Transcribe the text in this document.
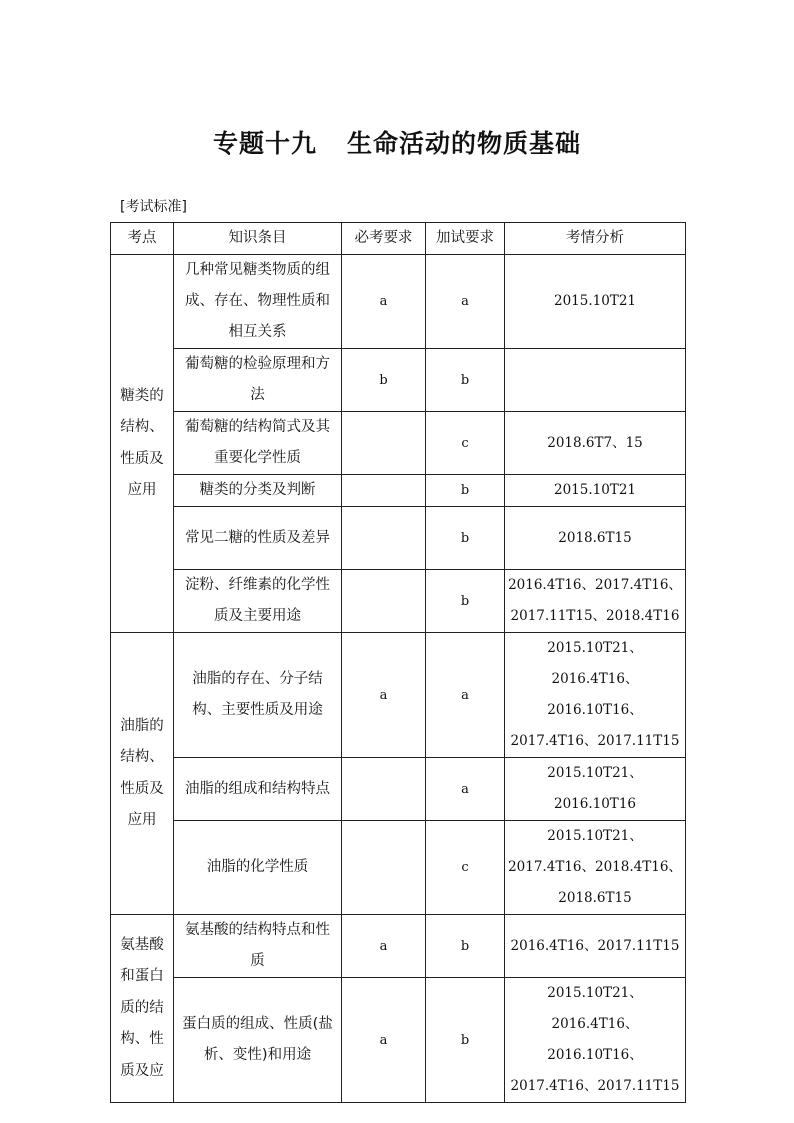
专题十九 生命活动的物质基础
[考试标准]
考点	知识条目	必考要求	加试要求	考情分析
糖类的结构、性质及应用	几种常见糖类物质的组成、存在、物理性质和相互关系	a	a	2015.10T21
	葡萄糖的检验原理和方法	b	b	
	葡萄糖的结构简式及其重要化学性质		c	2018.6T7、15
	糖类的分类及判断		b	2015.10T21
	常见二糖的性质及差异		b	2018.6T15
	淀粉、纤维素的化学性质及主要用途		b	2016.4T16、2017.4T16、2017.11T15、2018.4T16
油脂的结构、性质及应用	油脂的存在、分子结构、主要性质及用途	a	a	2015.10T21、2016.4T16、2016.10T16、2017.4T16、2017.11T15
	油脂的组成和结构特点		a	2015.10T21、2016.10T16
	油脂的化学性质		c	2015.10T21、2017.4T16、2018.4T16、2018.6T15
氨基酸和蛋白质的结构、性质及应	氨基酸的结构特点和性质	a	b	2016.4T16、2017.11T15
	蛋白质的组成、性质(盐析、变性)和用途	a	b	2015.10T21、2016.4T16、2016.10T16、2017.4T16、2017.11T15
